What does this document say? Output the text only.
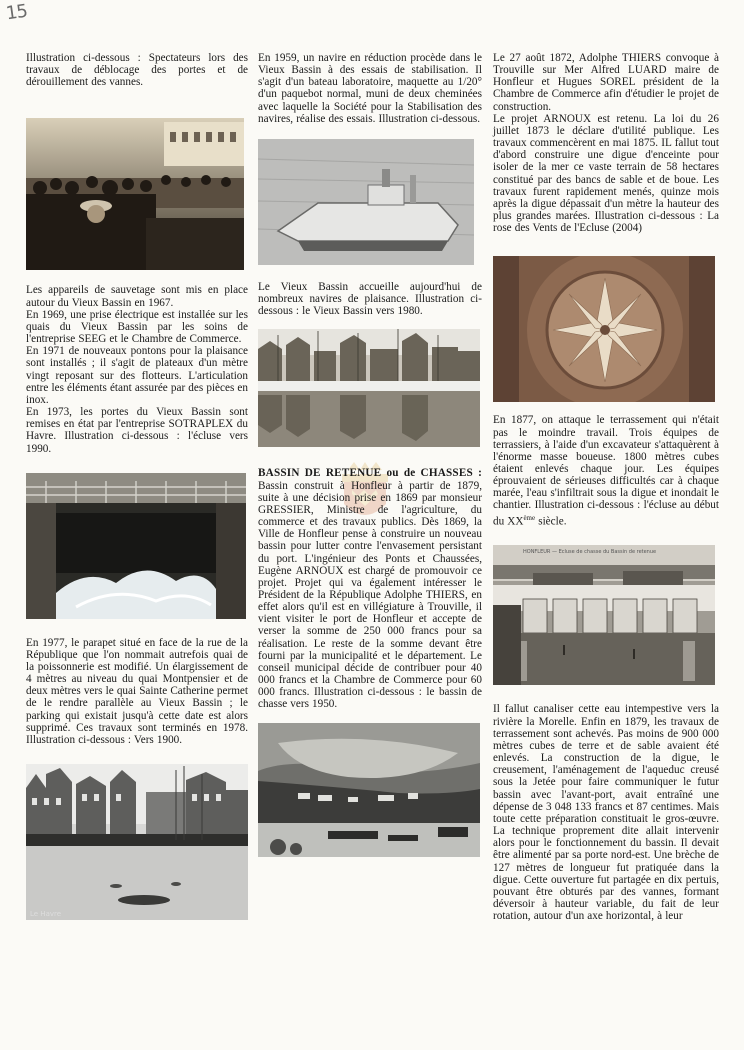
15

Illustration ci-dessous : Spectateurs lors des travaux de déblocage des portes et de dérouillement des vannes.

Les appareils de sauvetage sont mis en place autour du Vieux Bassin en 1967.

En 1969, une prise électrique est installée sur les quais du Vieux Bassin par les soins de l'entreprise SEEG et le Chambre de Commerce.

En 1971 de nouveaux pontons pour la plaisance sont installés ; il s'agit de plateaux d'un mètre vingt reposant sur des flotteurs. L'articulation entre les éléments étant assurée par des pièces en inox.

En 1973, les portes du Vieux Bassin sont remises en état par l'entreprise SOTRAPLEX du Havre. Illustration ci-dessous : l'écluse vers 1990.

En 1977, le parapet situé en face de la rue de la République que l'on nommait autrefois quai de la poissonnerie est modifié. Un élargissement de 4 mètres au niveau du quai Montpensier et de deux mètres vers le quai Sainte Catherine permet de le rendre parallèle au Vieux Bassin ; le parking qui existait jusqu'à cette date est alors supprimé. Ces travaux sont terminés en 1978. Illustration ci-dessous : Vers 1900.

Le Havre

En 1959, un navire en réduction procède dans le Vieux Bassin à des essais de stabilisation. Il s'agit d'un bateau laboratoire, maquette au 1/20° d'un paquebot normal, muni de deux cheminées avec laquelle la Société pour la Stabilisation des navires, réalise des essais. Illustration ci-dessous.

Le Vieux Bassin accueille aujourd'hui de nombreux navires de plaisance. Illustration ci-dessous : le Vieux Bassin vers 1980.

BASSIN DE RETENUE ou de CHASSES : Bassin construit à Honfleur à partir de 1879, suite à une décision prise en 1869 par monsieur GRESSIER, Ministre de l'agriculture, du commerce et des travaux publics. Dès 1869, la Ville de Honfleur pense à construire un nouveau bassin pour lutter contre l'envasement persistant du port. L'ingénieur des Ponts et Chaussées, Eugène ARNOUX est chargé de promouvoir ce projet. Projet qui va également intéresser le Président de la République Adolphe THIERS, en effet alors qu'il est en villégiature à Trouville, il vient visiter le port de Honfleur et accepte de verser la somme de 250 000 francs pour sa réalisation. Le reste de la somme devant être fourni par la municipalité et le département. Le conseil municipal décide de contribuer pour 40 000 francs et la Chambre de Commerce pour 60 000 francs. Illustration ci-dessous : le bassin de chasse vers 1950.

Le 27 août 1872, Adolphe THIERS convoque à Trouville sur Mer Alfred LUARD maire de Honfleur et Hugues SOREL président de la Chambre de Commerce afin d'étudier le projet de construction.

Le projet ARNOUX est retenu. La loi du 26 juillet 1873 le déclare d'utilité publique. Les travaux commencèrent en mai 1875. IL fallut tout d'abord construire une digue d'enceinte pour isoler de la mer ce vaste terrain de 58 hectares constitué par des bancs de sable et de boue. Les travaux furent rapidement menés, quinze mois après la digue dépassait d'un mètre la hauteur des plus grandes marées. Illustration ci-dessous : La rose des Vents de l'Ecluse (2004)

En 1877, on attaque le terrassement qui n'était pas le moindre travail. Trois équipes de terrassiers, à l'aide d'un excavateur s'attaquèrent à l'énorme masse boueuse. 1800 mètres cubes étaient enlevés chaque jour. Les équipes éprouvaient de sérieuses difficultés car à chaque marée, l'eau s'infiltrait sous la digue et inondait le chantier. Illustration ci-dessous : l'écluse au début du XXème siècle.

HONFLEUR — Ecluse de chasse du Bassin de retenue

Il fallut canaliser cette eau intempestive vers la rivière la Morelle. Enfin en 1879, les travaux de terrassement sont achevés. Pas moins de 900 000 mètres cubes de terre et de sable avaient été enlevés. La construction de la digue, le creusement, l'aménagement de l'aqueduc creusé sous la Jetée pour faire communiquer le futur bassin avec l'avant-port, avait entraîné une dépense de 3 048 133 francs et 87 centimes. Mais toute cette préparation constituait le gros-œuvre. La technique proprement dite allait intervenir alors pour le fonctionnement du bassin. Il devait être alimenté par sa porte nord-est. Une brèche de 127 mètres de longueur fut pratiquée dans la digue. Cette ouverture fut partagée en dix pertuis, pouvant être obturés par des vannes, formant déversoir à hauteur variable, du fait de leur rotation, autour d'un axe horizontal, à leur
